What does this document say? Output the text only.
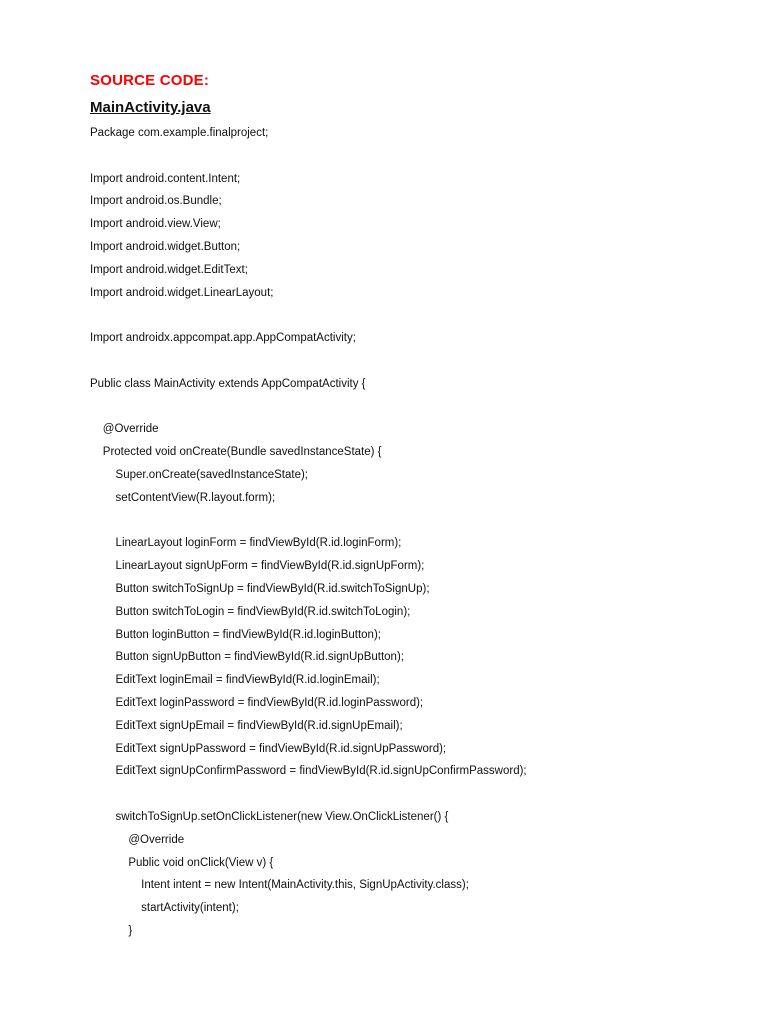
SOURCE CODE:
MainActivity.java
Package com.example.finalproject;
Import android.content.Intent;
Import android.os.Bundle;
Import android.view.View;
Import android.widget.Button;
Import android.widget.EditText;
Import android.widget.LinearLayout;
Import androidx.appcompat.app.AppCompatActivity;
Public class MainActivity extends AppCompatActivity {
@Override
Protected void onCreate(Bundle savedInstanceState) {
Super.onCreate(savedInstanceState);
setContentView(R.layout.form);
LinearLayout loginForm = findViewById(R.id.loginForm);
LinearLayout signUpForm = findViewById(R.id.signUpForm);
Button switchToSignUp = findViewById(R.id.switchToSignUp);
Button switchToLogin = findViewById(R.id.switchToLogin);
Button loginButton = findViewById(R.id.loginButton);
Button signUpButton = findViewById(R.id.signUpButton);
EditText loginEmail = findViewById(R.id.loginEmail);
EditText loginPassword = findViewById(R.id.loginPassword);
EditText signUpEmail = findViewById(R.id.signUpEmail);
EditText signUpPassword = findViewById(R.id.signUpPassword);
EditText signUpConfirmPassword = findViewById(R.id.signUpConfirmPassword);
switchToSignUp.setOnClickListener(new View.OnClickListener() {
@Override
Public void onClick(View v) {
Intent intent = new Intent(MainActivity.this, SignUpActivity.class);
startActivity(intent);
}
